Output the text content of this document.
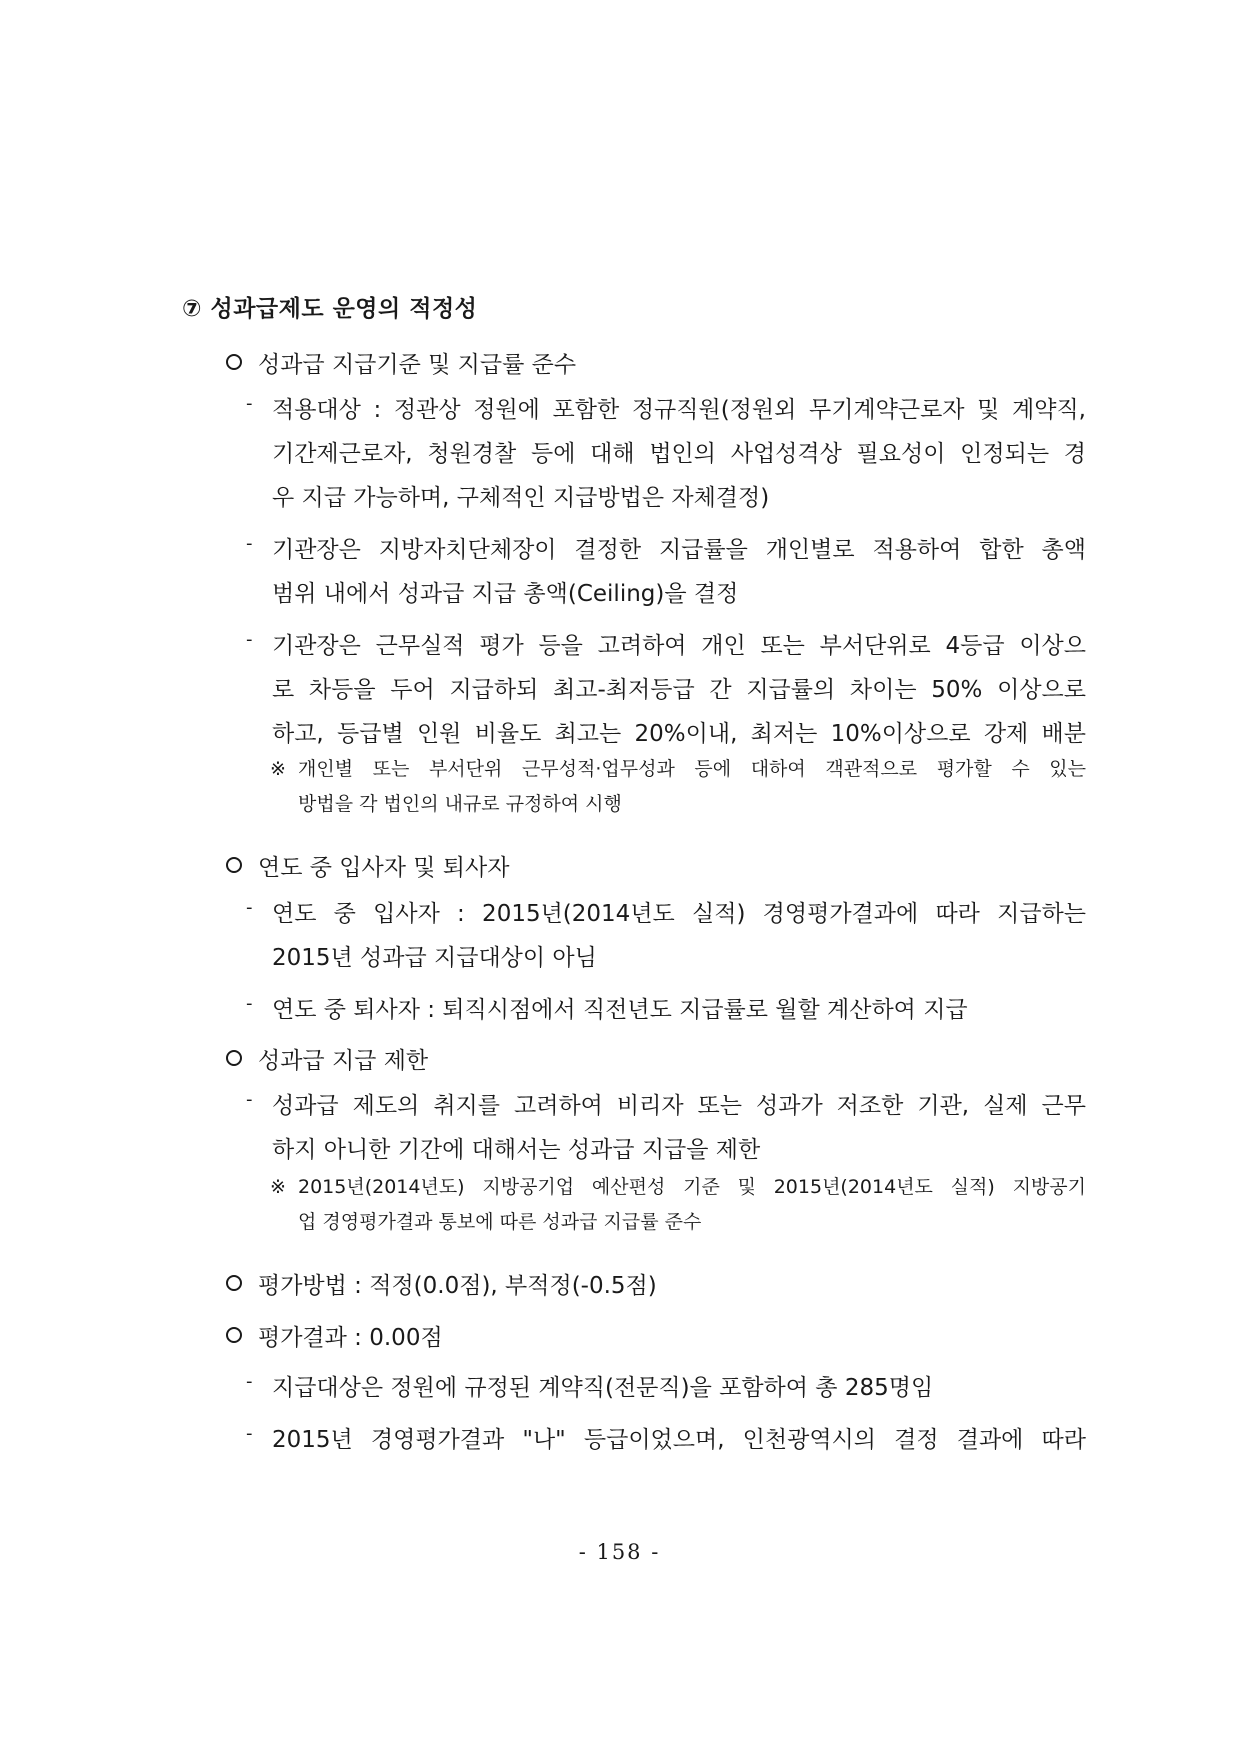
⑦ 성과급제도 운영의 적정성
성과급 지급기준 및 지급률 준수
- 적용대상 : 정관상 정원에 포함한 정규직원(정원외 무기계약근로자 및 계약직,
기간제근로자, 청원경찰 등에 대해 법인의 사업성격상 필요성이 인정되는 경
우 지급 가능하며, 구체적인 지급방법은 자체결정)
- 기관장은 지방자치단체장이 결정한 지급률을 개인별로 적용하여 합한 총액
범위 내에서 성과급 지급 총액(Ceiling)을 결정
- 기관장은 근무실적 평가 등을 고려하여 개인 또는 부서단위로 4등급 이상으
로 차등을 두어 지급하되 최고-최저등급 간 지급률의 차이는 50% 이상으로
하고, 등급별 인원 비율도 최고는 20%이내, 최저는 10%이상으로 강제 배분
※ 개인별 또는 부서단위 근무성적·업무성과 등에 대하여 객관적으로 평가할 수 있는
방법을 각 법인의 내규로 규정하여 시행
연도 중 입사자 및 퇴사자
- 연도 중 입사자 : 2015년(2014년도 실적) 경영평가결과에 따라 지급하는
2015년 성과급 지급대상이 아님
- 연도 중 퇴사자 : 퇴직시점에서 직전년도 지급률로 월할 계산하여 지급
성과급 지급 제한
- 성과급 제도의 취지를 고려하여 비리자 또는 성과가 저조한 기관, 실제 근무
하지 아니한 기간에 대해서는 성과급 지급을 제한
※ 2015년(2014년도) 지방공기업 예산편성 기준 및 2015년(2014년도 실적) 지방공기
업 경영평가결과 통보에 따른 성과급 지급률 준수
평가방법 : 적정(0.0점), 부적정(-0.5점)
평가결과 : 0.00점
- 지급대상은 정원에 규정된 계약직(전문직)을 포함하여 총 285명임
- 2015년 경영평가결과 "나" 등급이었으며, 인천광역시의 결정 결과에 따라
- 158 -
